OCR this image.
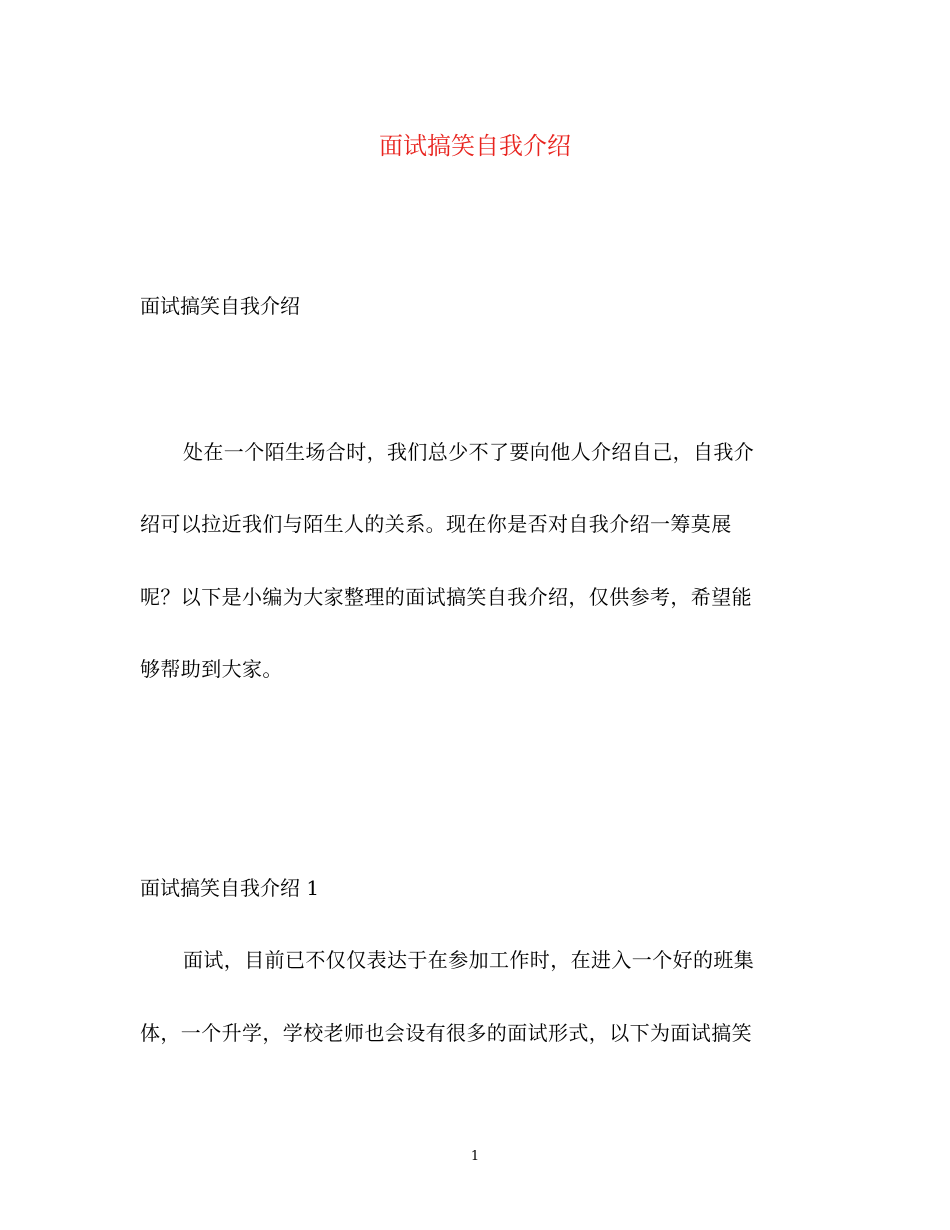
面试搞笑自我介绍
面试搞笑自我介绍
处在一个陌生场合时，我们总少不了要向他人介绍自己，自我介
绍可以拉近我们与陌生人的关系。现在你是否对自我介绍一筹莫展
呢？以下是小编为大家整理的面试搞笑自我介绍，仅供参考，希望能
够帮助到大家。
面试搞笑自我介绍 1
面试，目前已不仅仅表达于在参加工作时，在进入一个好的班集
体，一个升学，学校老师也会设有很多的面试形式，以下为面试搞笑
1
